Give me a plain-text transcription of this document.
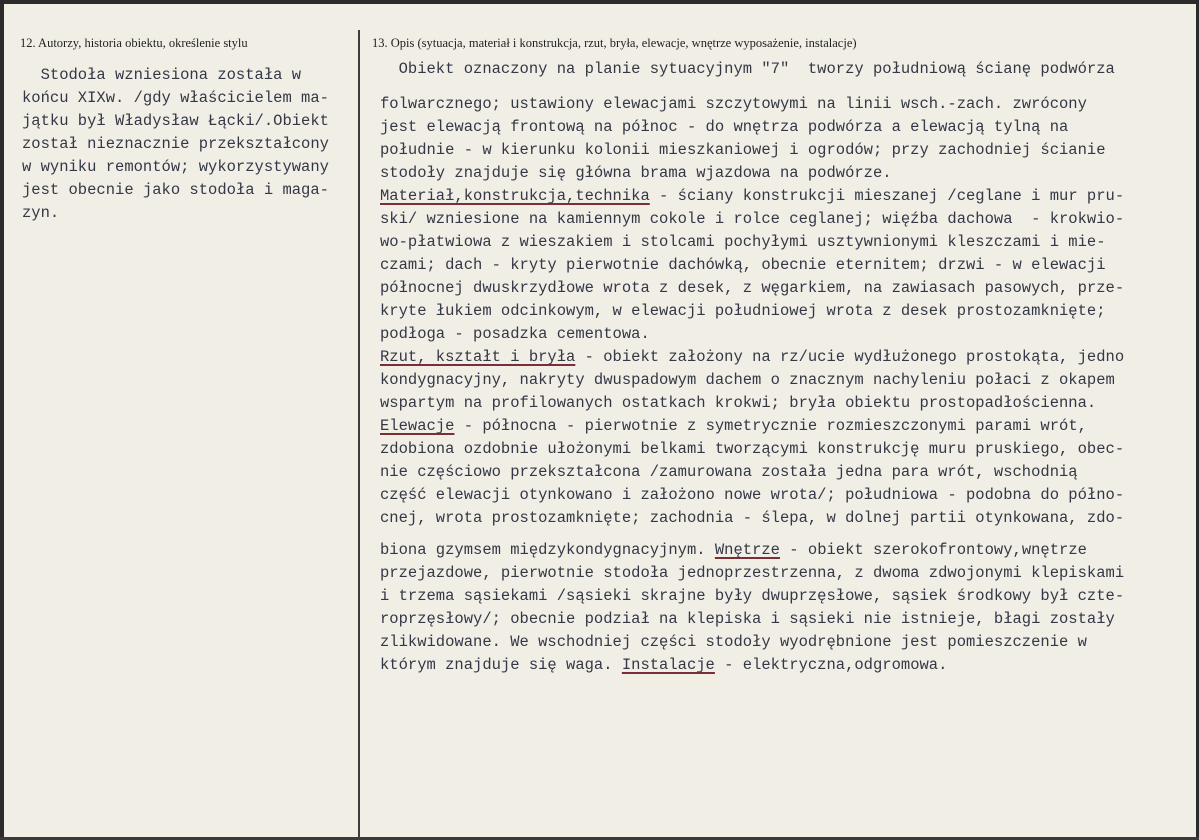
12. Autorzy, historia obiektu, określenie stylu	13. Opis (sytuacja, materiał i konstrukcja, rzut, bryła, elewacje, wnętrze wyposażenie, instalacje)

Stodoła wzniesiona została w

końcu XIXw. /gdy właścicielem ma-

jątku był Władysław Łącki/.Obiekt

został nieznacznie przekształcony

w wyniku remontów; wykorzystywany

jest obecnie jako stodoła i maga-

zyn.

Obiekt oznaczony na planie sytuacyjnym "7"  tworzy południową ścianę podwórza

folwarcznego; ustawiony elewacjami szczytowymi na linii wsch.-zach. zwrócony

jest elewacją frontową na północ - do wnętrza podwórza a elewacją tylną na

południe - w kierunku kolonii mieszkaniowej i ogrodów; przy zachodniej ścianie

stodoły znajduje się główna brama wjazdowa na podwórze.

Materiał,konstrukcja,technika - ściany konstrukcji mieszanej /ceglane i mur pru-

ski/ wzniesione na kamiennym cokole i rolce ceglanej; więźba dachowa  - krokwio-

wo-płatwiowa z wieszakiem i stolcami pochyłymi usztywnionymi kleszczami i mie-

czami; dach - kryty pierwotnie dachówką, obecnie eternitem; drzwi - w elewacji

północnej dwuskrzydłowe wrota z desek, z węgarkiem, na zawiasach pasowych, prze-

kryte łukiem odcinkowym, w elewacji południowej wrota z desek prostozamknięte;

podłoga - posadzka cementowa.

Rzut, kształt i bryła - obiekt założony na rz/ucie wydłużonego prostokąta, jedno

kondygnacyjny, nakryty dwuspadowym dachem o znacznym nachyleniu połaci z okapem

wspartym na profilowanych ostatkach krokwi; bryła obiektu prostopadłościenna.

Elewacje - północna - pierwotnie z symetrycznie rozmieszczonymi parami wrót,

zdobiona ozdobnie ułożonymi belkami tworzącymi konstrukcję muru pruskiego, obec-

nie częściowo przekształcona /zamurowana została jedna para wrót, wschodnią

część elewacji otynkowano i założono nowe wrota/; południowa - podobna do półno-

cnej, wrota prostozamknięte; zachodnia - ślepa, w dolnej partii otynkowana, zdo-

biona gzymsem międzykondygnacyjnym. Wnętrze - obiekt szerokofrontowy,wnętrze

przejazdowe, pierwotnie stodoła jednoprzestrzenna, z dwoma zdwojonymi klepiskami

i trzema sąsiekami /sąsieki skrajne były dwuprzęsłowe, sąsiek środkowy był czte-

roprzęsłowy/; obecnie podział na klepiska i sąsieki nie istnieje, błagi zostały

zlikwidowane. We wschodniej części stodoły wyodrębnione jest pomieszczenie w

którym znajduje się waga. Instalacje - elektryczna,odgromowa.
